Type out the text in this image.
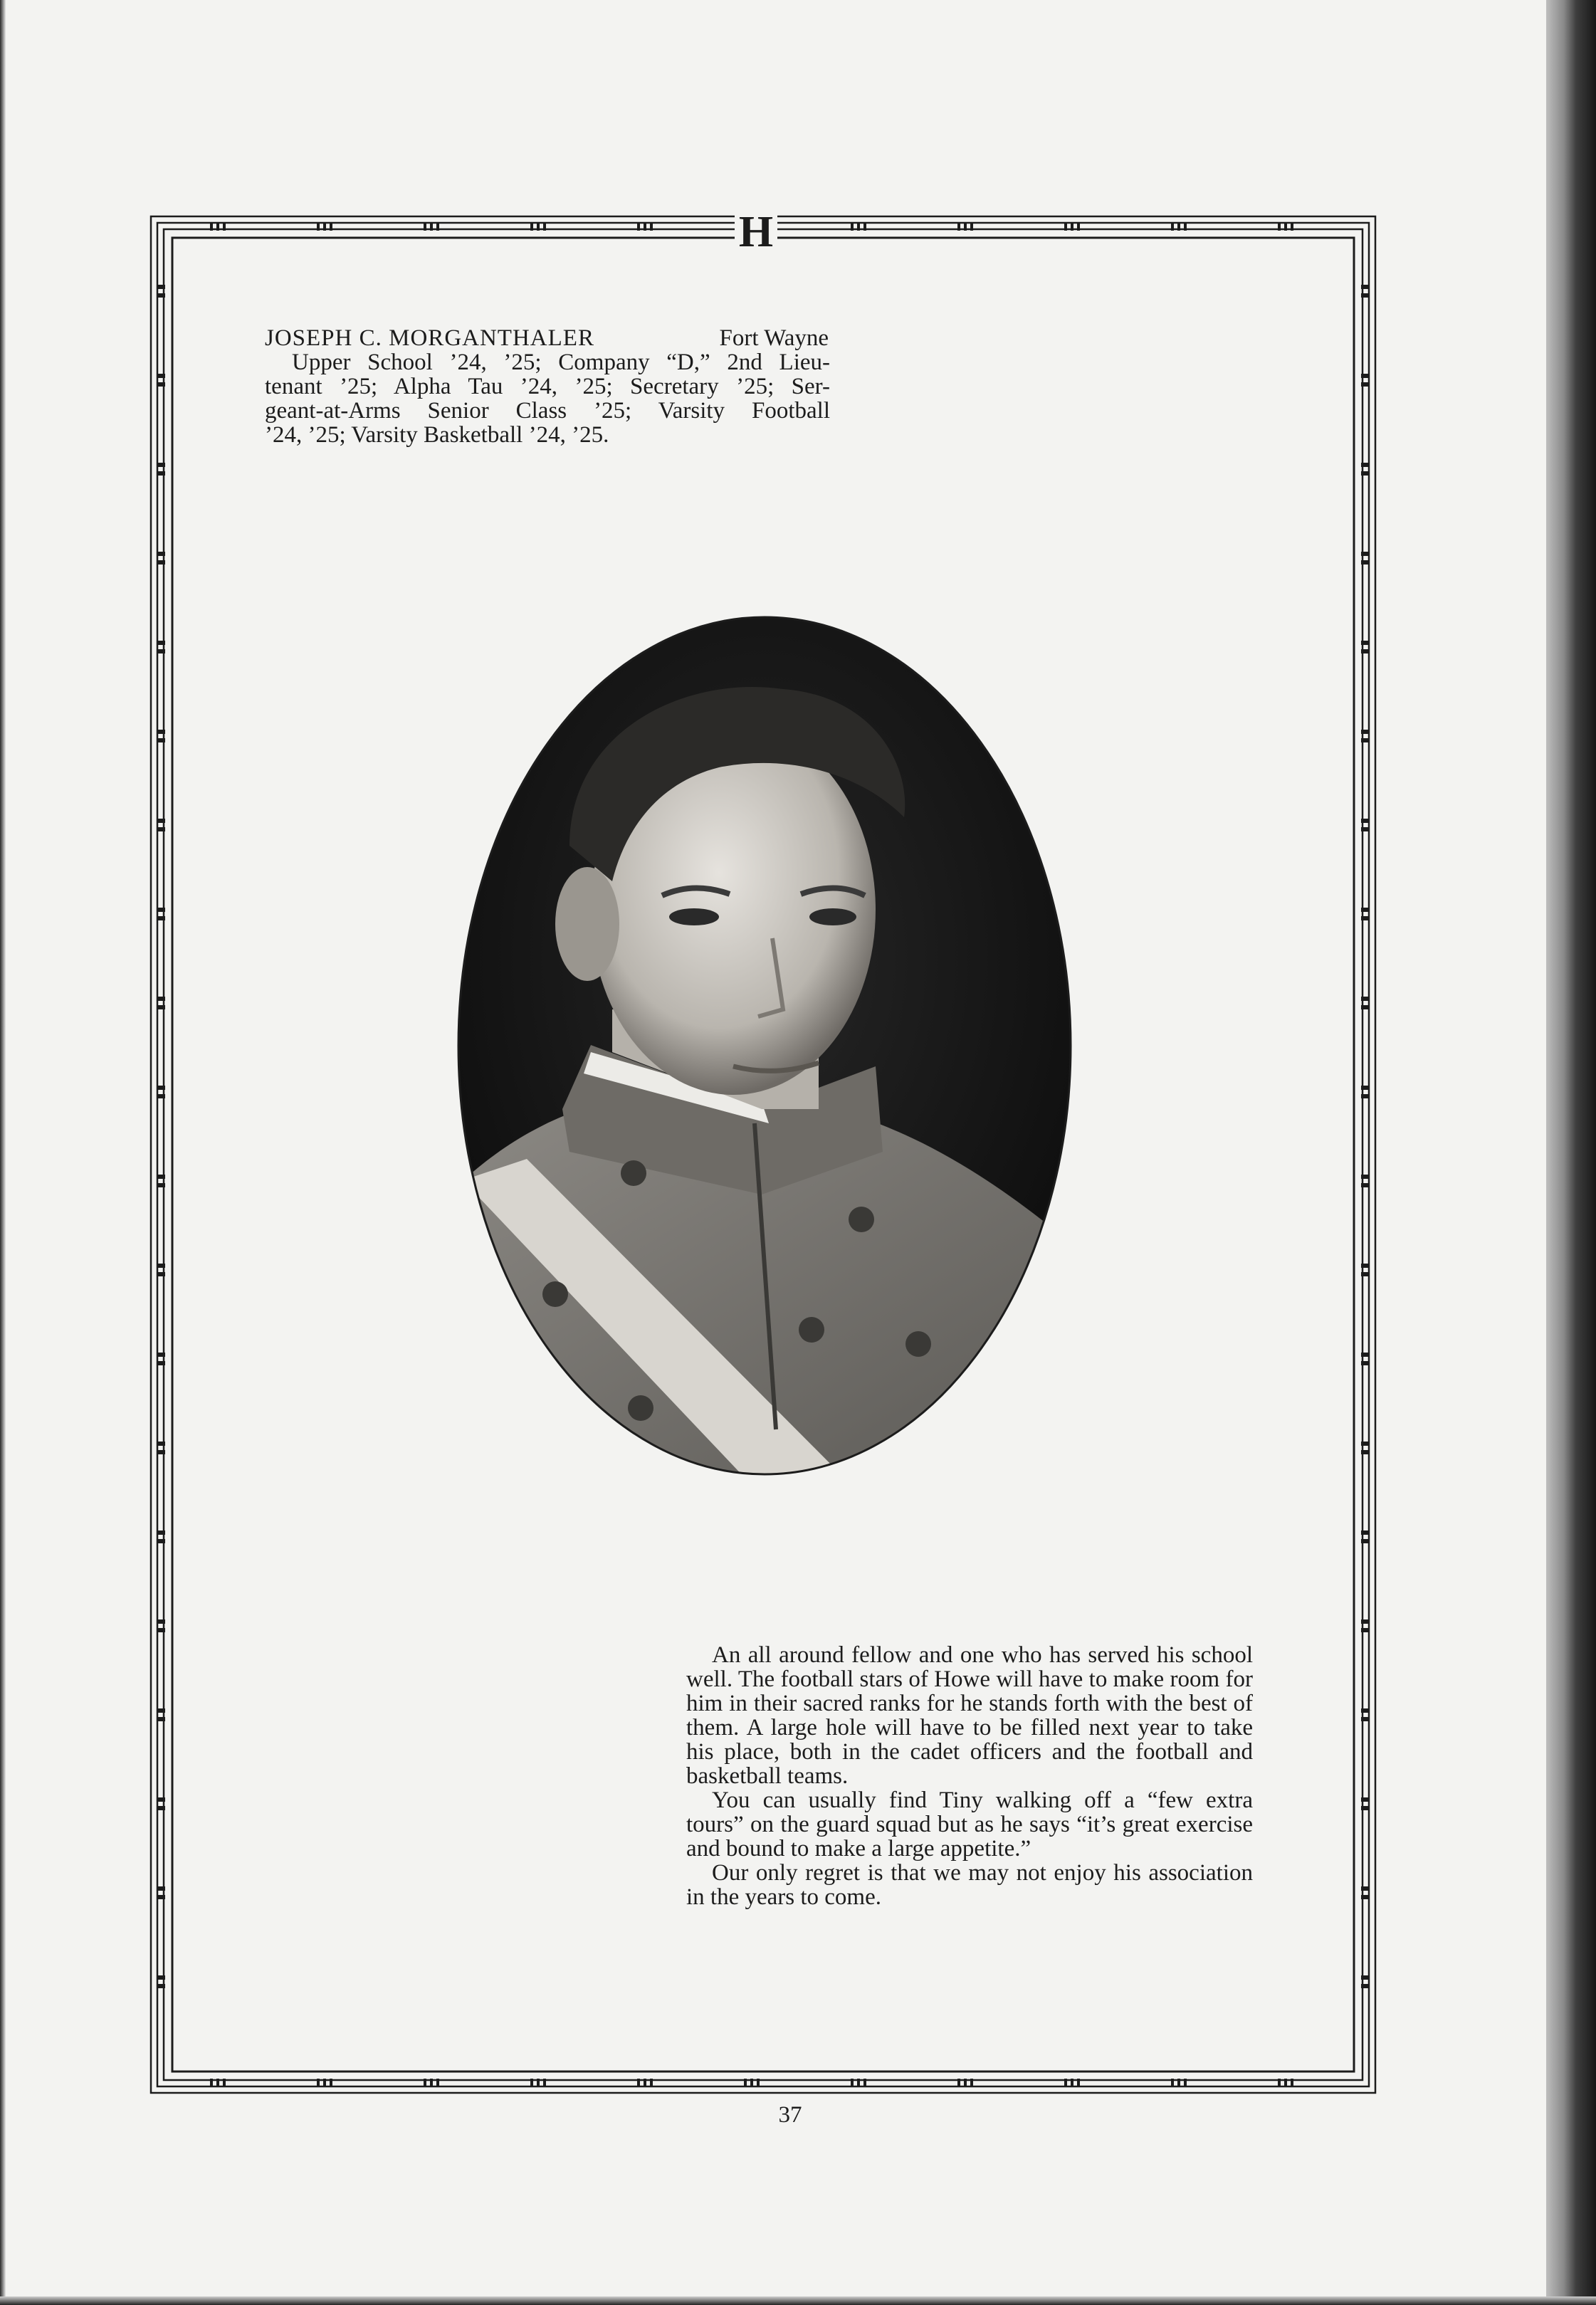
H
JOSEPH C. MORGANTHALER	Fort Wayne
Upper School ’24, ’25; Company “D,” 2nd Lieu-
tenant ’25; Alpha Tau ’24, ’25; Secretary ’25; Ser-
geant-at-Arms Senior Class ’25; Varsity Football
’24, ’25; Varsity Basketball ’24, ’25.

An all around fellow and one who has served his school well. The football stars of Howe will have to make room for him in their sacred ranks for he stands forth with the best of them. A large hole will have to be filled next year to take his place, both in the cadet officers and the football and basketball teams.

You can usually find Tiny walking off a “few extra tours” on the guard squad but as he says “it’s great exercise and bound to make a large appetite.”

Our only regret is that we may not enjoy his association in the years to come.

37
